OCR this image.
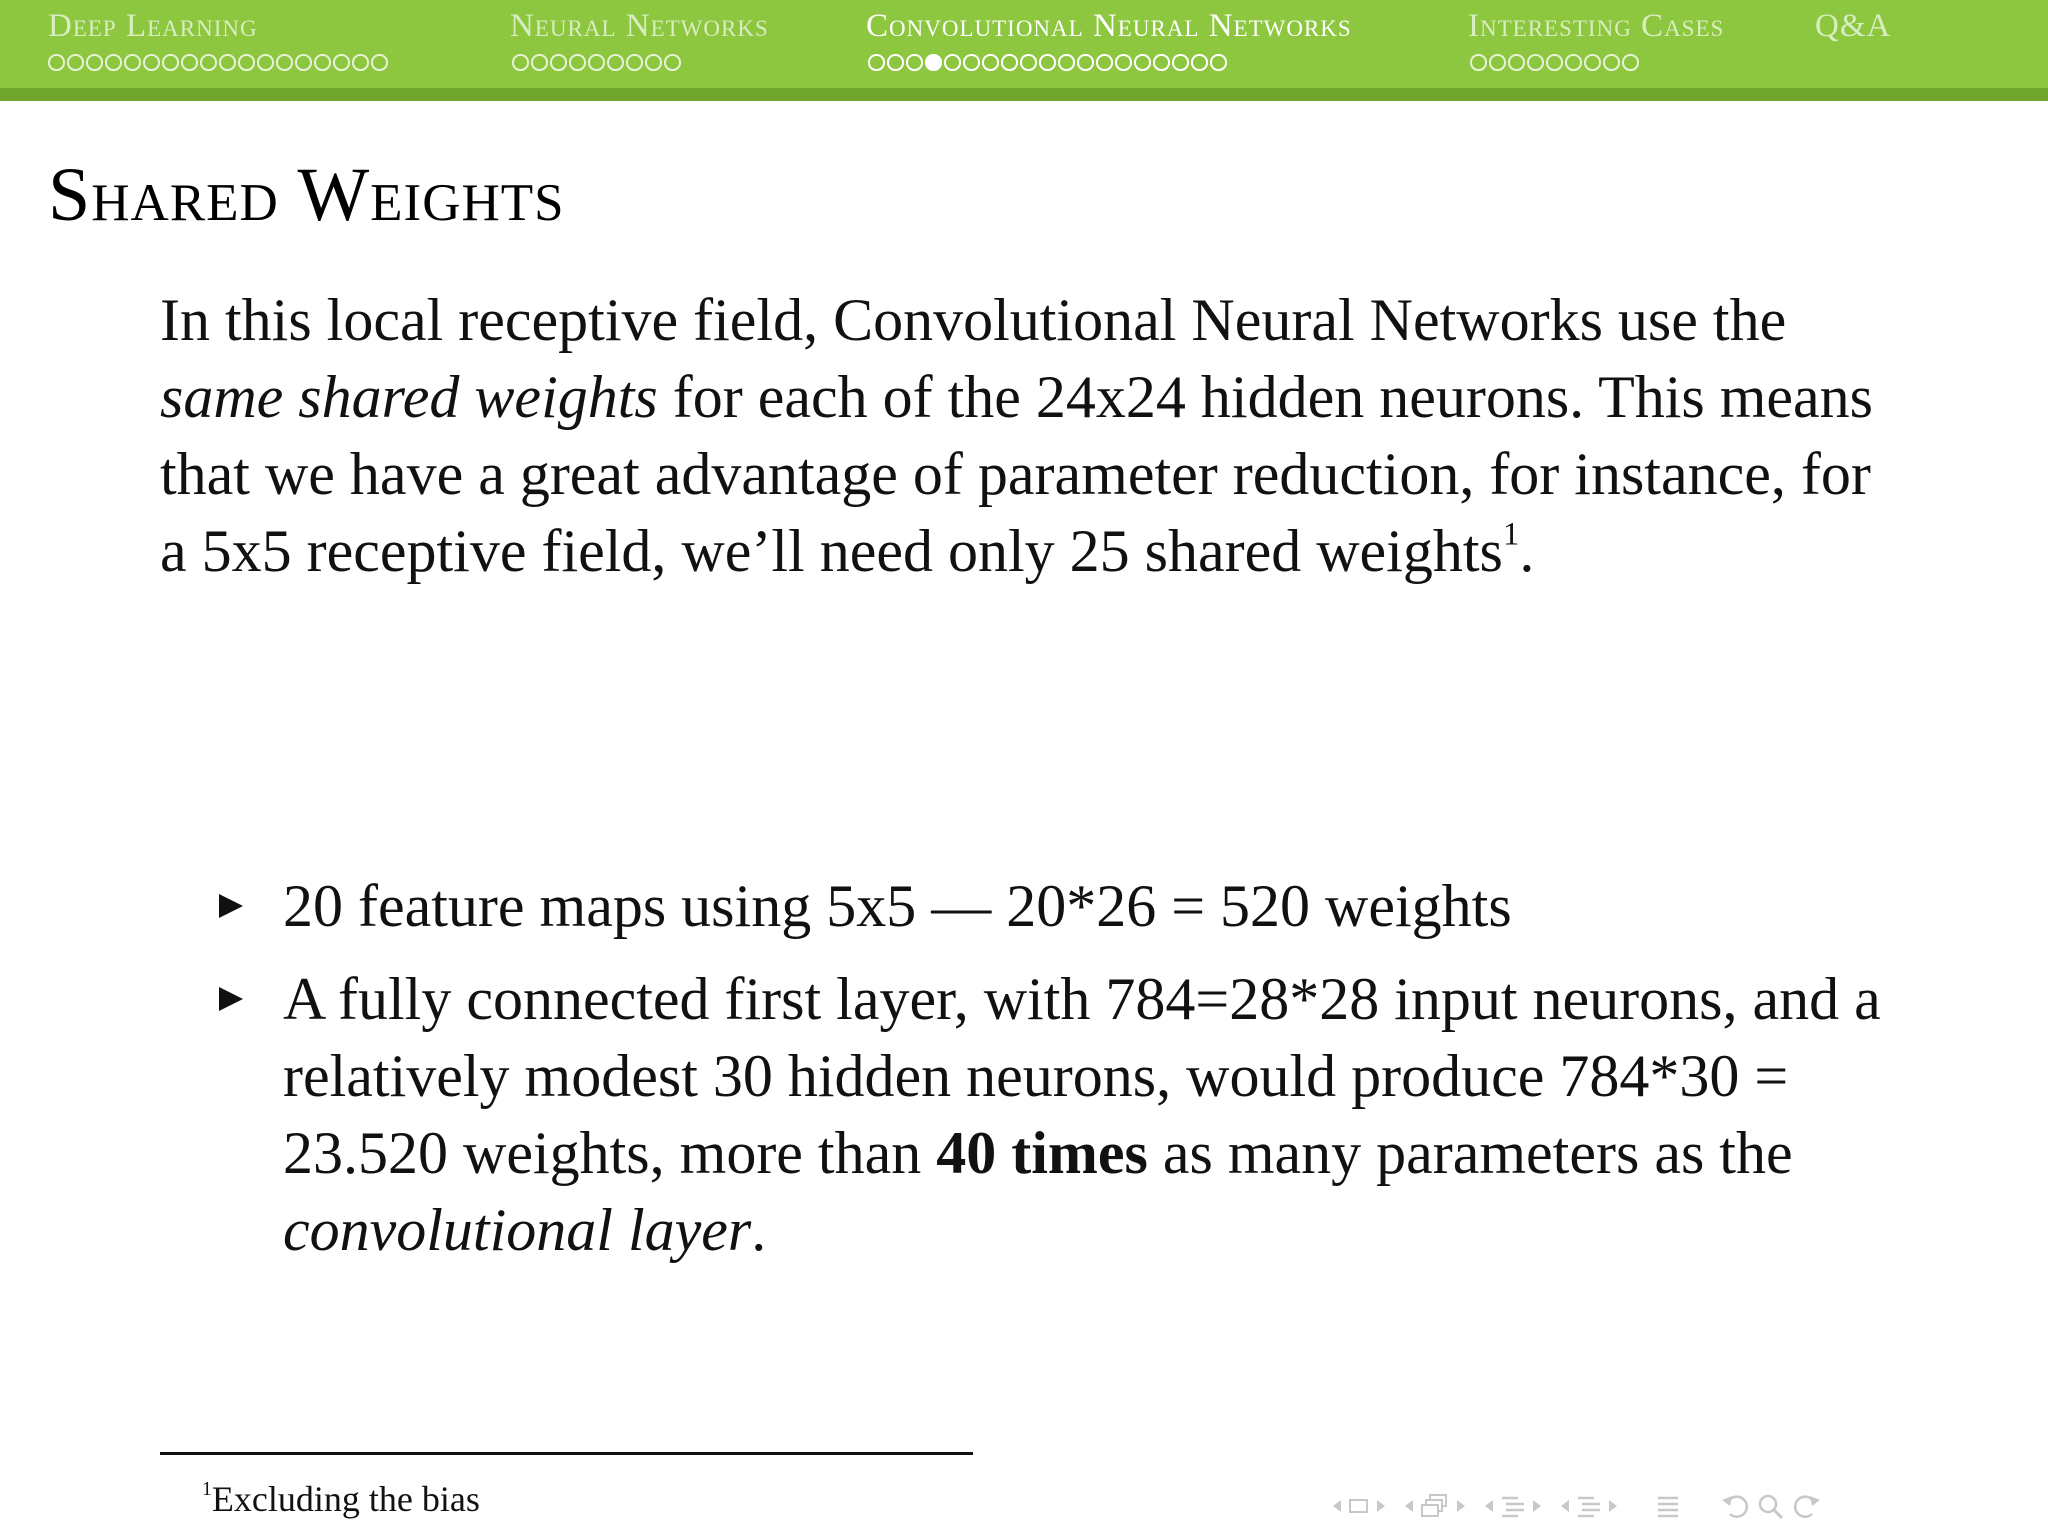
Deep Learning	Neural Networks	Convolutional Neural Networks	Interesting Cases	Q&A
Shared Weights
In this local receptive field, Convolutional Neural Networks use the same shared weights for each of the 24x24 hidden neurons. This means that we have a great advantage of parameter reduction, for instance, for a 5x5 receptive field, we’ll need only 25 shared weights$^1$.
20 feature maps using 5x5 — 20*26 = 520 weights
A fully connected first layer, with 784=28*28 input neurons, and a relatively modest 30 hidden neurons, would produce 784*30 = 23.520 weights, more than 40 times as many parameters as the convolutional layer.
$^1$Excluding the bias
